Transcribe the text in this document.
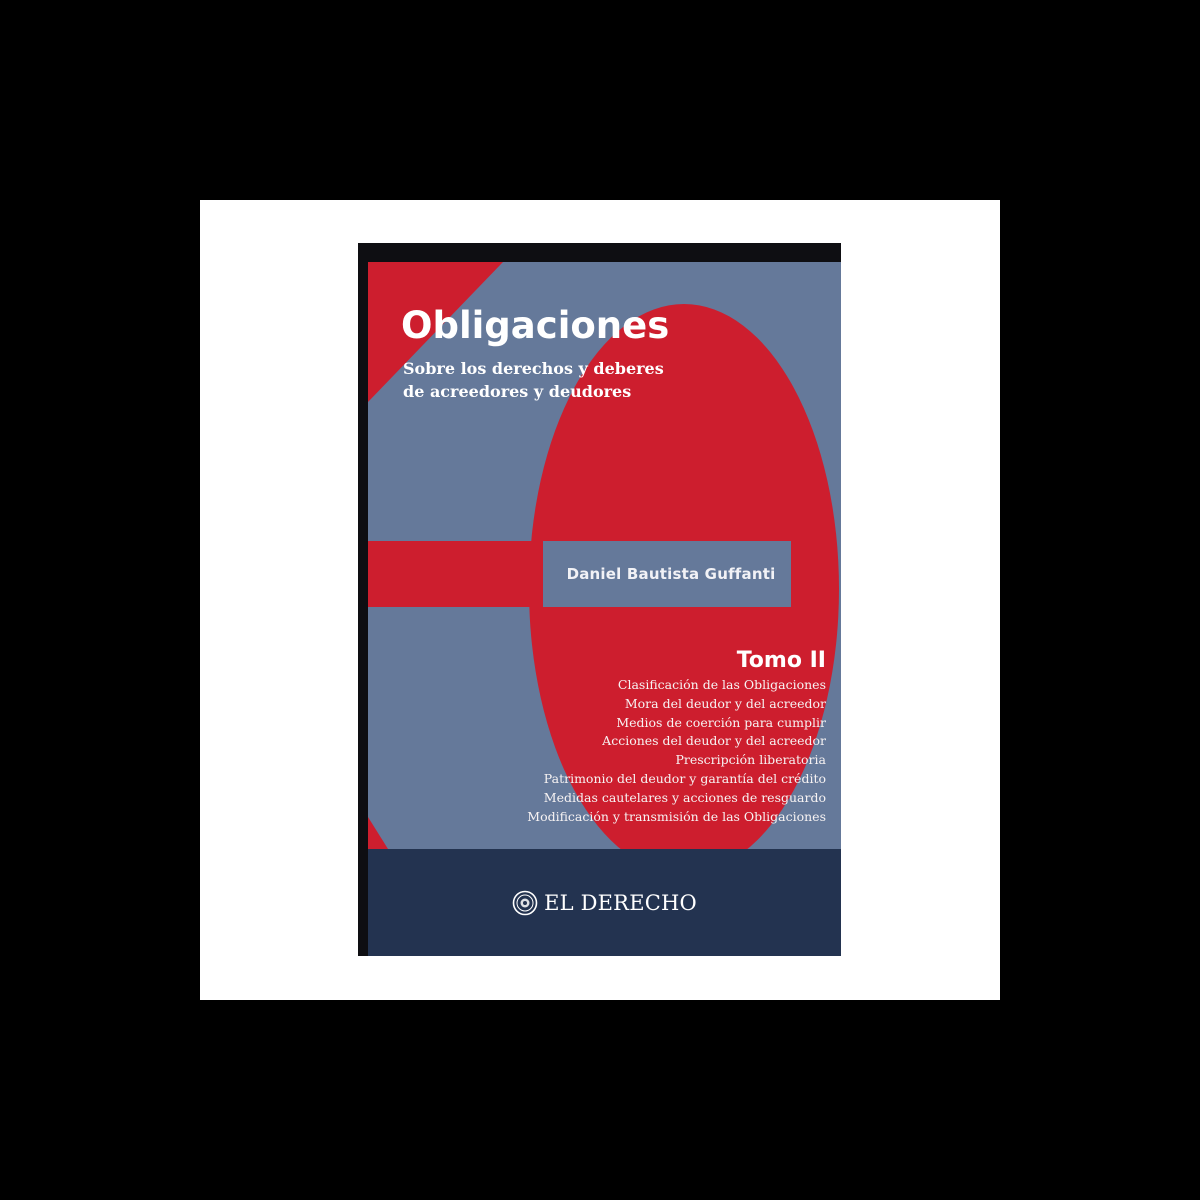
Daniel Bautista Guffanti
Obligaciones
Sobre los derechos y deberes
de acreedores y deudores
Tomo II
Clasificación de las Obligaciones
Mora del deudor y del acreedor
Medios de coerción para cumplir
Acciones del deudor y del acreedor
Prescripción liberatoria
Patrimonio del deudor y garantía del crédito
Medidas cautelares y acciones de resguardo
Modificación y transmisión de las Obligaciones
EL DERECHO
